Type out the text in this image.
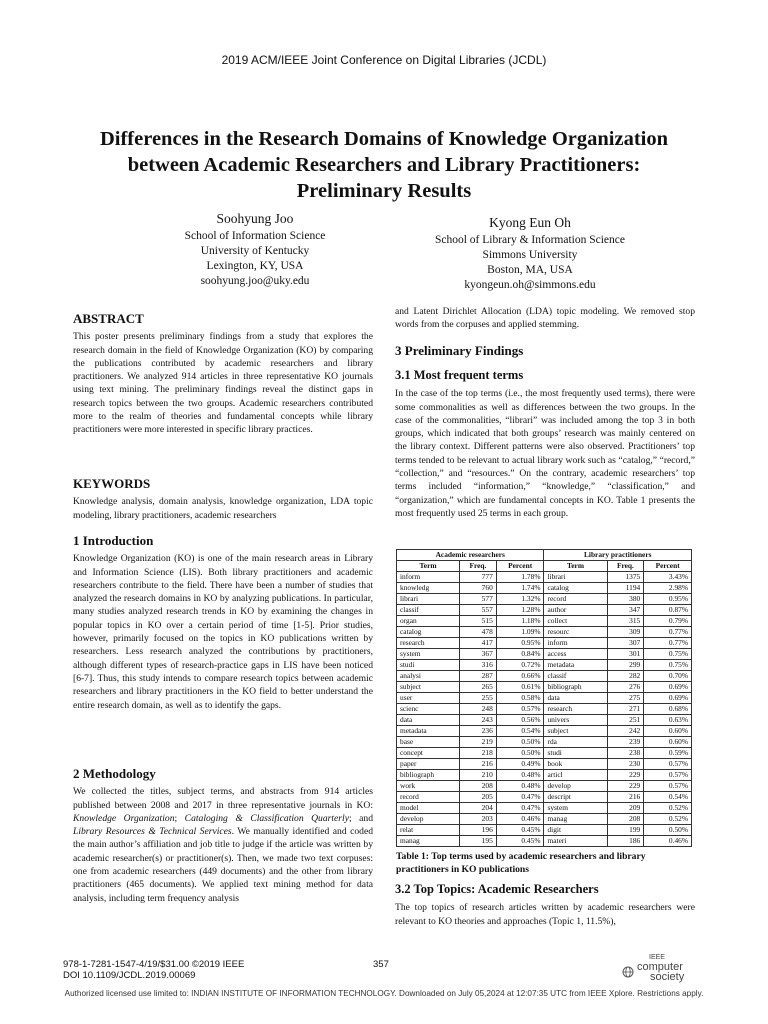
2019 ACM/IEEE Joint Conference on Digital Libraries (JCDL)
Differences in the Research Domains of Knowledge Organization
between Academic Researchers and Library Practitioners:
Preliminary Results
Soohyung Joo
School of Information Science
University of Kentucky
Lexington, KY, USA
soohyung.joo@uky.edu
Kyong Eun Oh
School of Library & Information Science
Simmons University
Boston, MA, USA
kyongeun.oh@simmons.edu
ABSTRACT

This poster presents preliminary findings from a study that explores the research domain in the field of Knowledge Organization (KO) by comparing the publications contributed by academic researchers and library practitioners. We analyzed 914 articles in three representative KO journals using text mining. The preliminary findings reveal the distinct gaps in research topics between the two groups. Academic researchers contributed more to the realm of theories and fundamental concepts while library practitioners were more interested in specific library practices.

KEYWORDS

Knowledge analysis, domain analysis, knowledge organization, LDA topic modeling, library practitioners, academic researchers

1 Introduction

Knowledge Organization (KO) is one of the main research areas in Library and Information Science (LIS). Both library practitioners and academic researchers contribute to the field. There have been a number of studies that analyzed the research domains in KO by analyzing publications. In particular, many studies analyzed research trends in KO by examining the changes in popular topics in KO over a certain period of time [1-5]. Prior studies, however, primarily focused on the topics in KO publications written by researchers. Less research analyzed the contributions by practitioners, although different types of research-practice gaps in LIS have been noticed [6-7]. Thus, this study intends to compare research topics between academic researchers and library practitioners in the KO field to better understand the entire research domain, as well as to identify the gaps.

2 Methodology

We collected the titles, subject terms, and abstracts from 914 articles published between 2008 and 2017 in three representative journals in KO: Knowledge Organization; Cataloging & Classification Quarterly; and Library Resources & Technical Services. We manually identified and coded the main author’s affiliation and job title to judge if the article was written by academic researcher(s) or practitioner(s). Then, we made two text corpuses: one from academic researchers (449 documents) and the other from library practitioners (465 documents). We applied text mining method for data analysis, including term frequency analysis

and Latent Dirichlet Allocation (LDA) topic modeling. We removed stop words from the corpuses and applied stemming.

3 Preliminary Findings
3.1 Most frequent terms

In the case of the top terms (i.e., the most frequently used terms), there were some commonalities as well as differences between the two groups. In the case of the commonalities, “librari” was included among the top 3 in both groups, which indicated that both groups’ research was mainly centered on the library context. Different patterns were also observed. Practitioners’ top terms tended to be relevant to actual library work such as “catalog,” “record,” “collection,” and “resources.” On the contrary, academic researchers’ top terms included “information,” “knowledge,” “classification,” and “organization,” which are fundamental concepts in KO. Table 1 presents the most frequently used 25 terms in each group.

Academic researchers			Library practitioners		
Term	Freq.	Percent	Term	Freq.	Percent
inform	777	1.78%	librari	1375	3.43%
knowledg	760	1.74%	catalog	1194	2.98%
librari	577	1.32%	record	380	0.95%
classif	557	1.28%	author	347	0.87%
organ	515	1.18%	collect	315	0.79%
catalog	478	1.09%	resourc	309	0.77%
research	417	0.95%	inform	307	0.77%
system	367	0.84%	access	301	0.75%
studi	316	0.72%	metadata	299	0.75%
analysi	287	0.66%	classif	282	0.70%
subject	265	0.61%	bibliograph	276	0.69%
user	255	0.58%	data	275	0.69%
scienc	248	0.57%	research	271	0.68%
data	243	0.56%	univers	251	0.63%
metadata	236	0.54%	subject	242	0.60%
base	219	0.50%	rda	239	0.60%
concept	218	0.50%	studi	238	0.59%
paper	216	0.49%	book	230	0.57%
bibliograph	210	0.48%	articl	229	0.57%
work	208	0.48%	develop	229	0.57%
record	205	0.47%	descript	216	0.54%
model	204	0.47%	system	209	0.52%
develop	203	0.46%	manag	208	0.52%
relat	196	0.45%	digit	199	0.50%
manag	195	0.45%	materi	186	0.46%
Table 1: Top terms used by academic researchers and library practitioners in KO publications
3.2 Top Topics: Academic Researchers

The top topics of research articles written by academic researchers were relevant to KO theories and approaches (Topic 1, 11.5%),

978-1-7281-1547-4/19/$31.00 ©2019 IEEE
DOI 10.1109/JCDL.2019.00069
357
IEEE
computer
society
Authorized licensed use limited to: INDIAN INSTITUTE OF INFORMATION TECHNOLOGY. Downloaded on July 05,2024 at 12:07:35 UTC from IEEE Xplore. Restrictions apply.
